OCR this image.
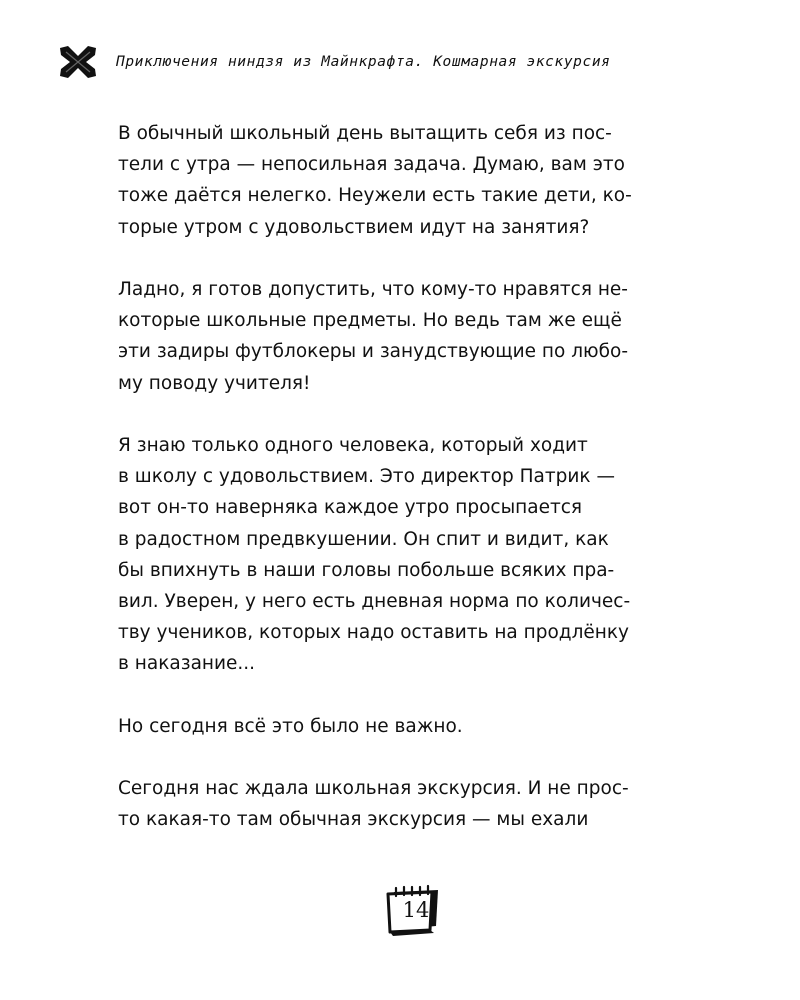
Приключения ниндзя из Майнкрафта. Кошмарная экскурсия

В обычный школьный день вытащить себя из пос-
тели с утра — непосильная задача. Думаю, вам это
тоже даётся нелегко. Неужели есть такие дети, ко-
торые утром с удовольствием идут на занятия?

Ладно, я готов допустить, что кому-то нравятся не-
которые школьные предметы. Но ведь там же ещё
эти задиры футблокеры и занудствующие по любо-
му поводу учителя!

Я знаю только одного человека, который ходит
в школу с удовольствием. Это директор Патрик —
вот он-то наверняка каждое утро просыпается
в радостном предвкушении. Он спит и видит, как
бы впихнуть в наши головы побольше всяких пра-
вил. Уверен, у него есть дневная норма по количес-
тву учеников, которых надо оставить на продлёнку
в наказание...

Но сегодня всё это было не важно.

Сегодня нас ждала школьная экскурсия. И не прос-
то какая-то там обычная экскурсия — мы ехали

14
